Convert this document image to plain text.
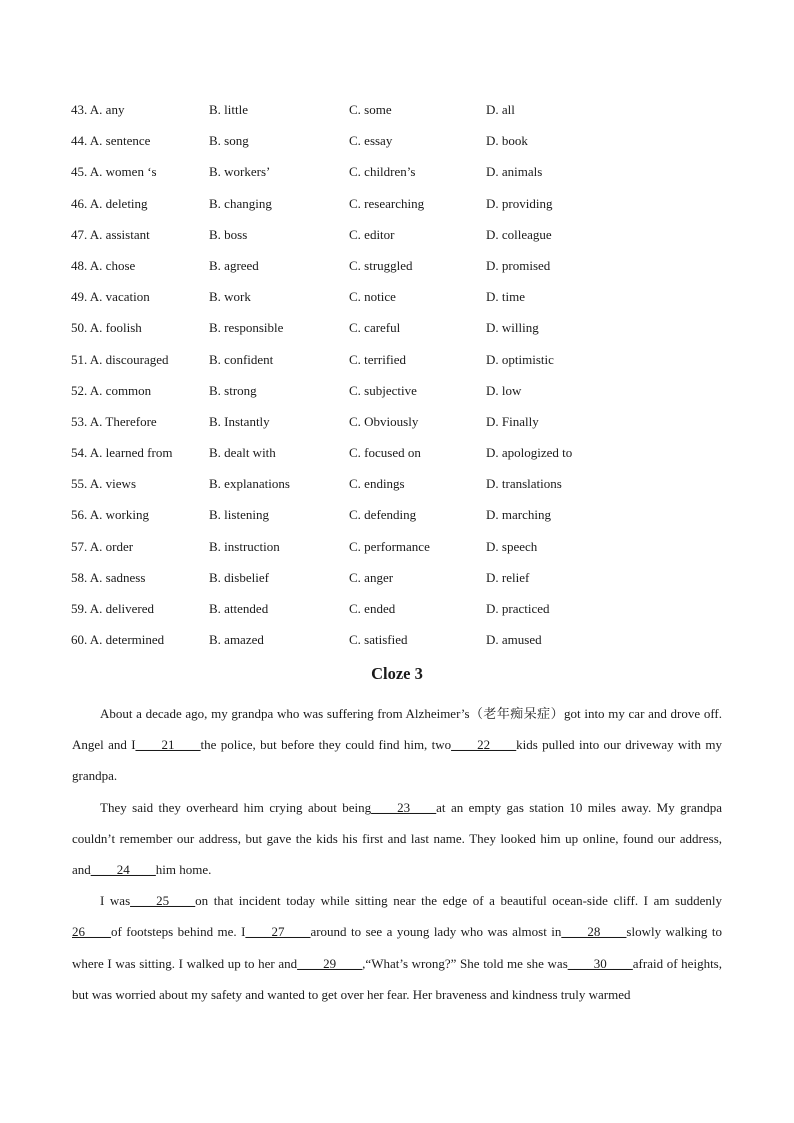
43. A. any	B. little	C. some	D. all
44. A. sentence	B. song	C. essay	D. book
45. A. women ‘s	B. workers’	C. children’s	D. animals
46. A. deleting	B. changing	C. researching	D. providing
47. A. assistant	B. boss	C. editor	D. colleague
48. A. chose	B. agreed	C. struggled	D. promised
49. A. vacation	B. work	C. notice	D. time
50. A. foolish	B. responsible	C. careful	D. willing
51. A. discouraged	B. confident	C. terrified	D. optimistic
52. A. common	B. strong	C. subjective	D. low
53. A. Therefore	B. Instantly	C. Obviously	D. Finally
54. A. learned from	B. dealt with	C. focused on	D. apologized to
55. A. views	B. explanations	C. endings	D. translations
56. A. working	B. listening	C. defending	D. marching
57. A. order	B. instruction	C. performance	D. speech
58. A. sadness	B. disbelief	C. anger	D. relief
59. A. delivered	B. attended	C. ended	D. practiced
60. A. determined	B. amazed	C. satisfied	D. amused
Cloze 3

About a decade ago, my grandpa who was suffering from Alzheimer’s（老年痴呆症）got into my car and drove off. Angel and I____21____the police, but before they could find him, two____22____kids pulled into our driveway with my grandpa.

They said they overheard him crying about being____23____at an empty gas station 10 miles away. My grandpa couldn’t remember our address, but gave the kids his first and last name. They looked him up online, found our address, and____24____him home.

I was____25____on that incident today while sitting near the edge of a beautiful ocean-side cliff. I am suddenly 26____of footsteps behind me. I____27____around to see a young lady who was almost in____28____slowly walking to where I was sitting. I walked up to her and____29____,“What’s wrong?” She told me she was____30____afraid of heights, but was worried about my safety and wanted to get over her fear. Her braveness and kindness truly warmed
